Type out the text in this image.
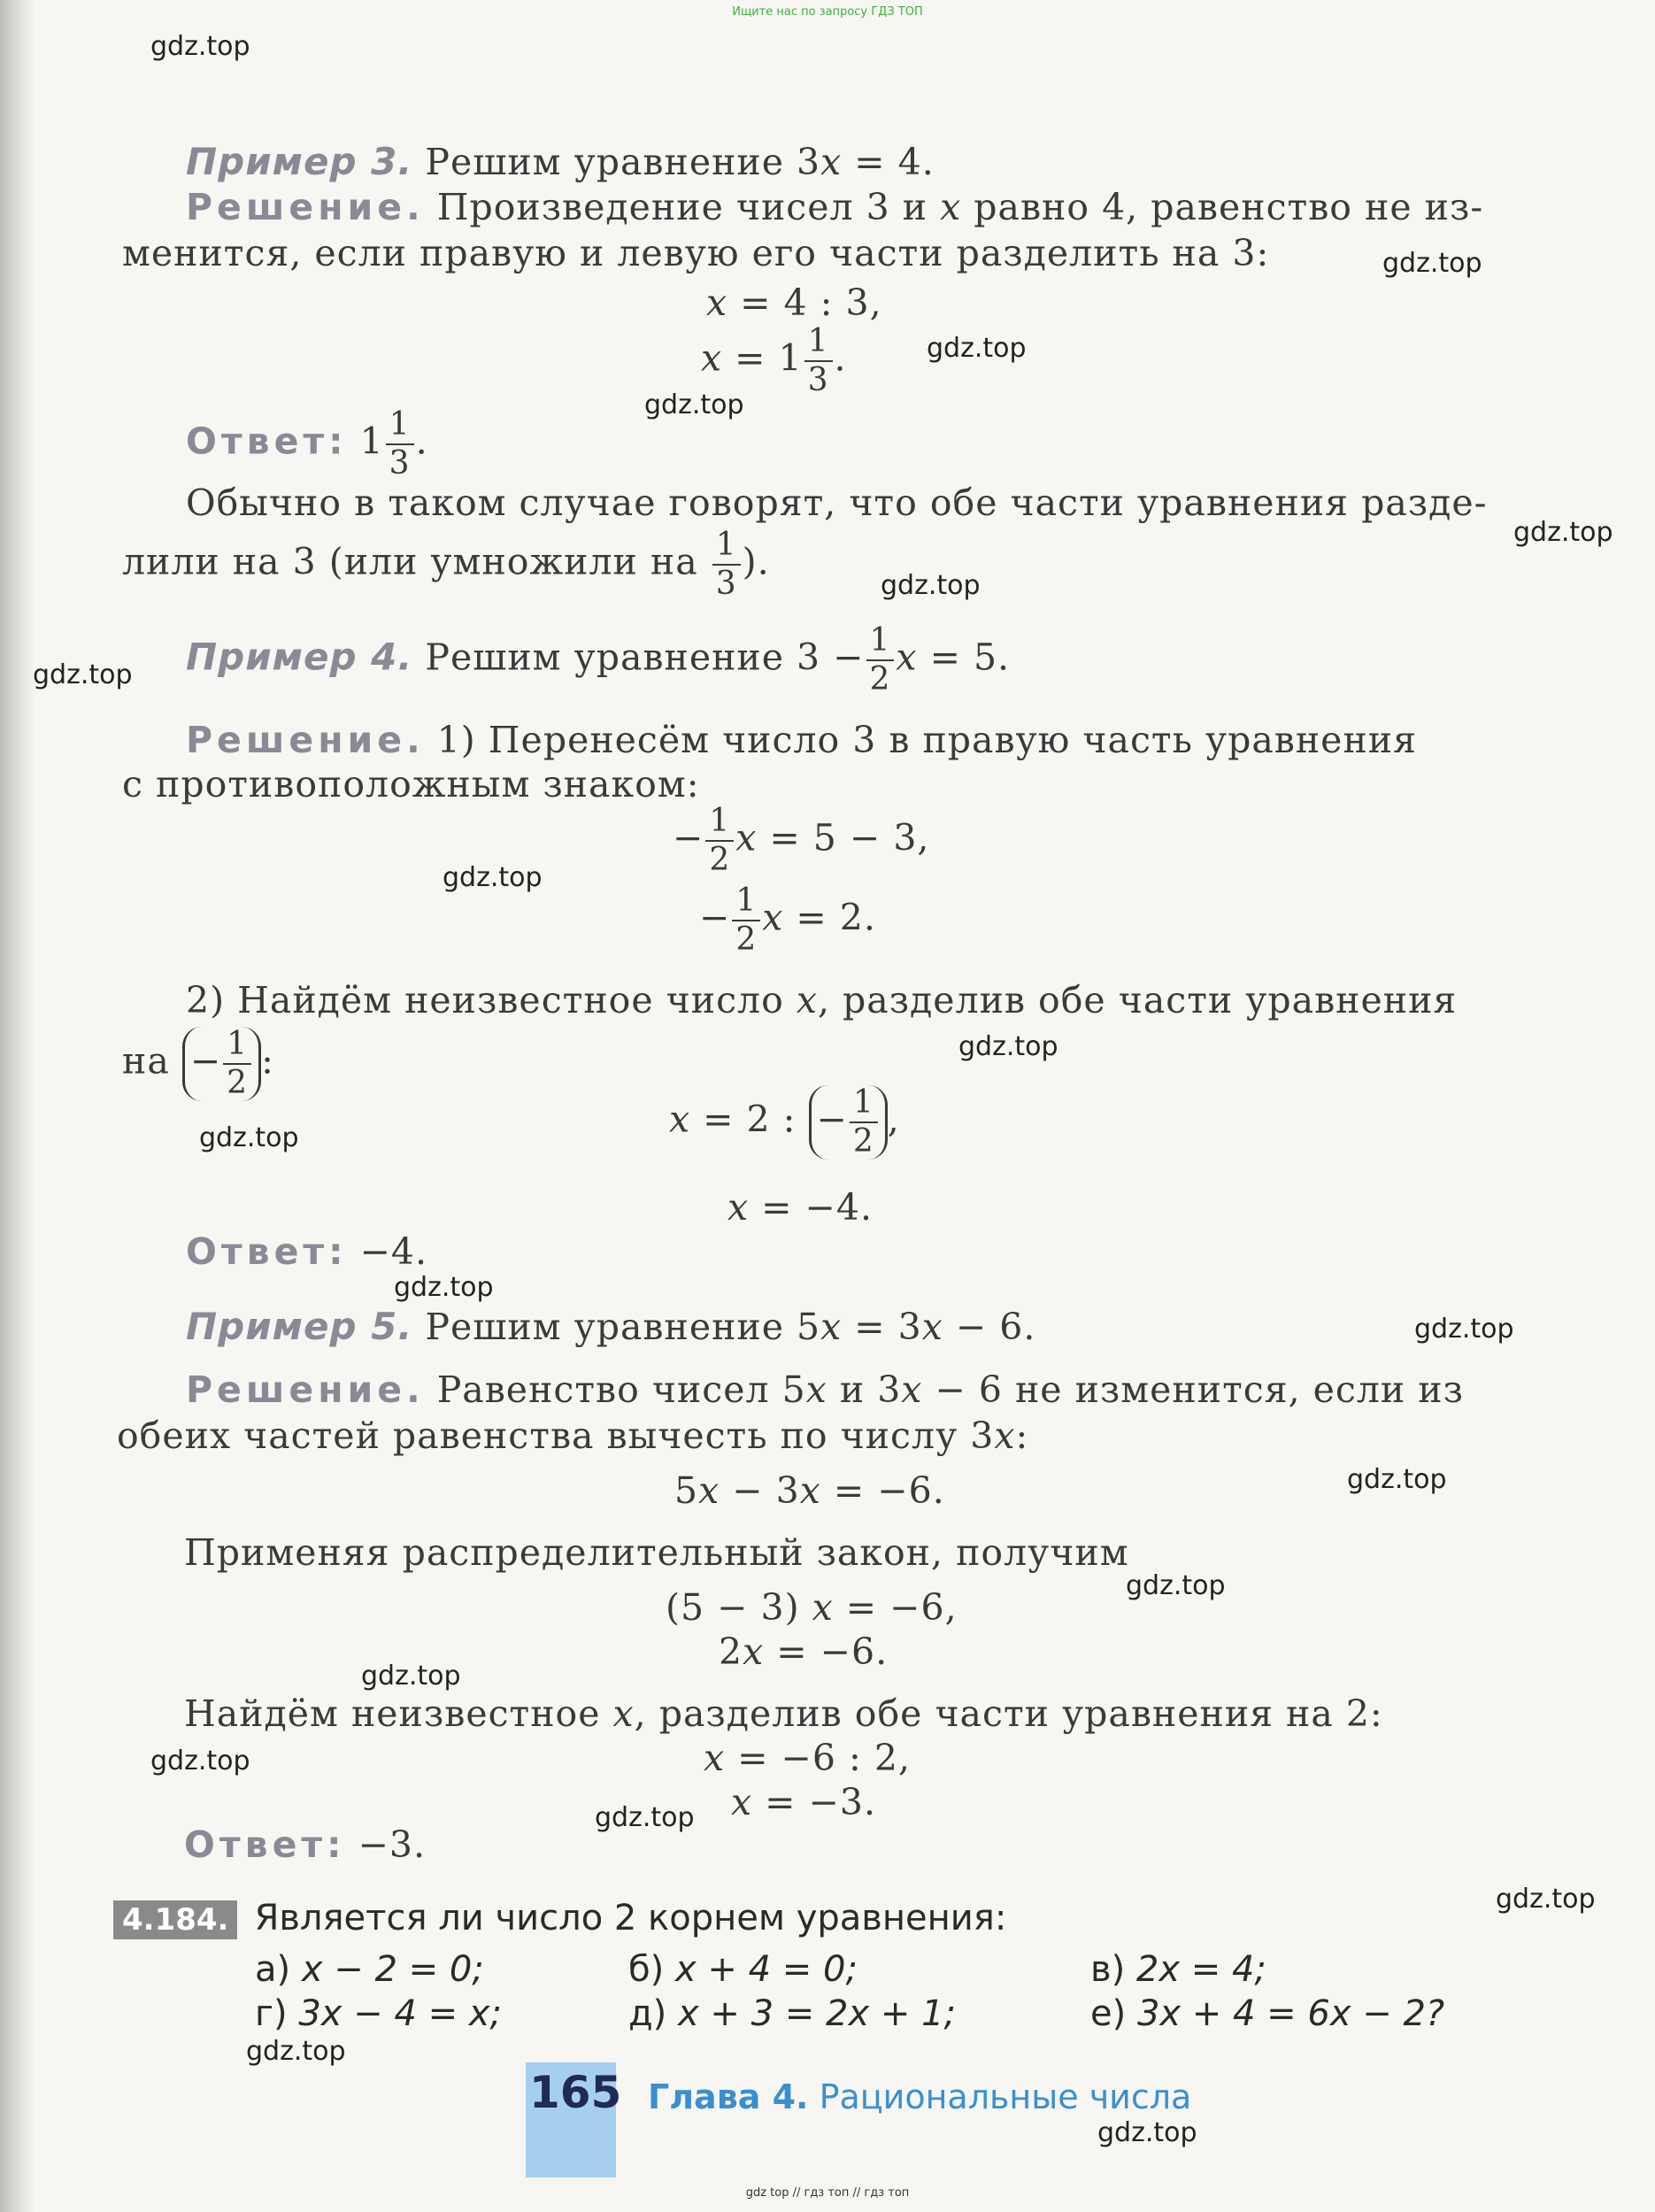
Ищите нас по запросу ГДЗ ТОП
gdz.top
gdz.top
gdz.top
gdz.top
gdz.top
gdz.top
gdz.top
gdz.top
gdz.top
gdz.top
gdz.top
gdz.top
gdz.top
gdz.top
gdz.top
gdz.top
gdz.top
gdz.top
gdz.top
gdz.top
Пример 3. Решим уравнение 3x = 4.
Решение. Произведение чисел 3 и x равно 4, равенство не из-
менится, если правую и левую его части разделить на 3:
x = 4 : 3,
$x = 1 \frac{1}{3}$ .
Ответ: $1 \frac{1}{3}$ .
Обычно в таком случае говорят, что обе части уравнения разде-
лили на 3 (или умножили на $\frac{1}{3}$ ).
Пример 4. Решим уравнение $3 - \frac{1}{2}$ x = 5.
Решение. 1) Перенесём число 3 в правую часть уравнения
с противоположным знаком:
− $\frac{1}{2}$ x = 5 − 3,
− $\frac{1}{2}$ x = 2.
2) Найдём неизвестное число x, разделив обе части уравнения
на − $\frac{1}{2}$ :
x = 2 : − $\frac{1}{2}$ ,
x = −4.
Ответ: −4.
Пример 5. Решим уравнение 5x = 3x − 6.
Решение. Равенство чисел 5x и 3x − 6 не изменится, если из
обеих частей равенства вычесть по числу 3x:
5x − 3x = −6.
Применяя распределительный закон, получим
(5 − 3) x = −6,
2x = −6.
Найдём неизвестное x, разделив обе части уравнения на 2:
x = −6 : 2,
x = −3.
Ответ: −3.
4.184. Является ли число 2 корнем уравнения:
а) x − 2 = 0;	б) x + 4 = 0;	в) 2x = 4;
г) 3x − 4 = x;	д) x + 3 = 2x + 1;	е) 3x + 4 = 6x − 2?
165 Глава 4. Рациональные числа
gdz top // гдз топ // гдз топ
